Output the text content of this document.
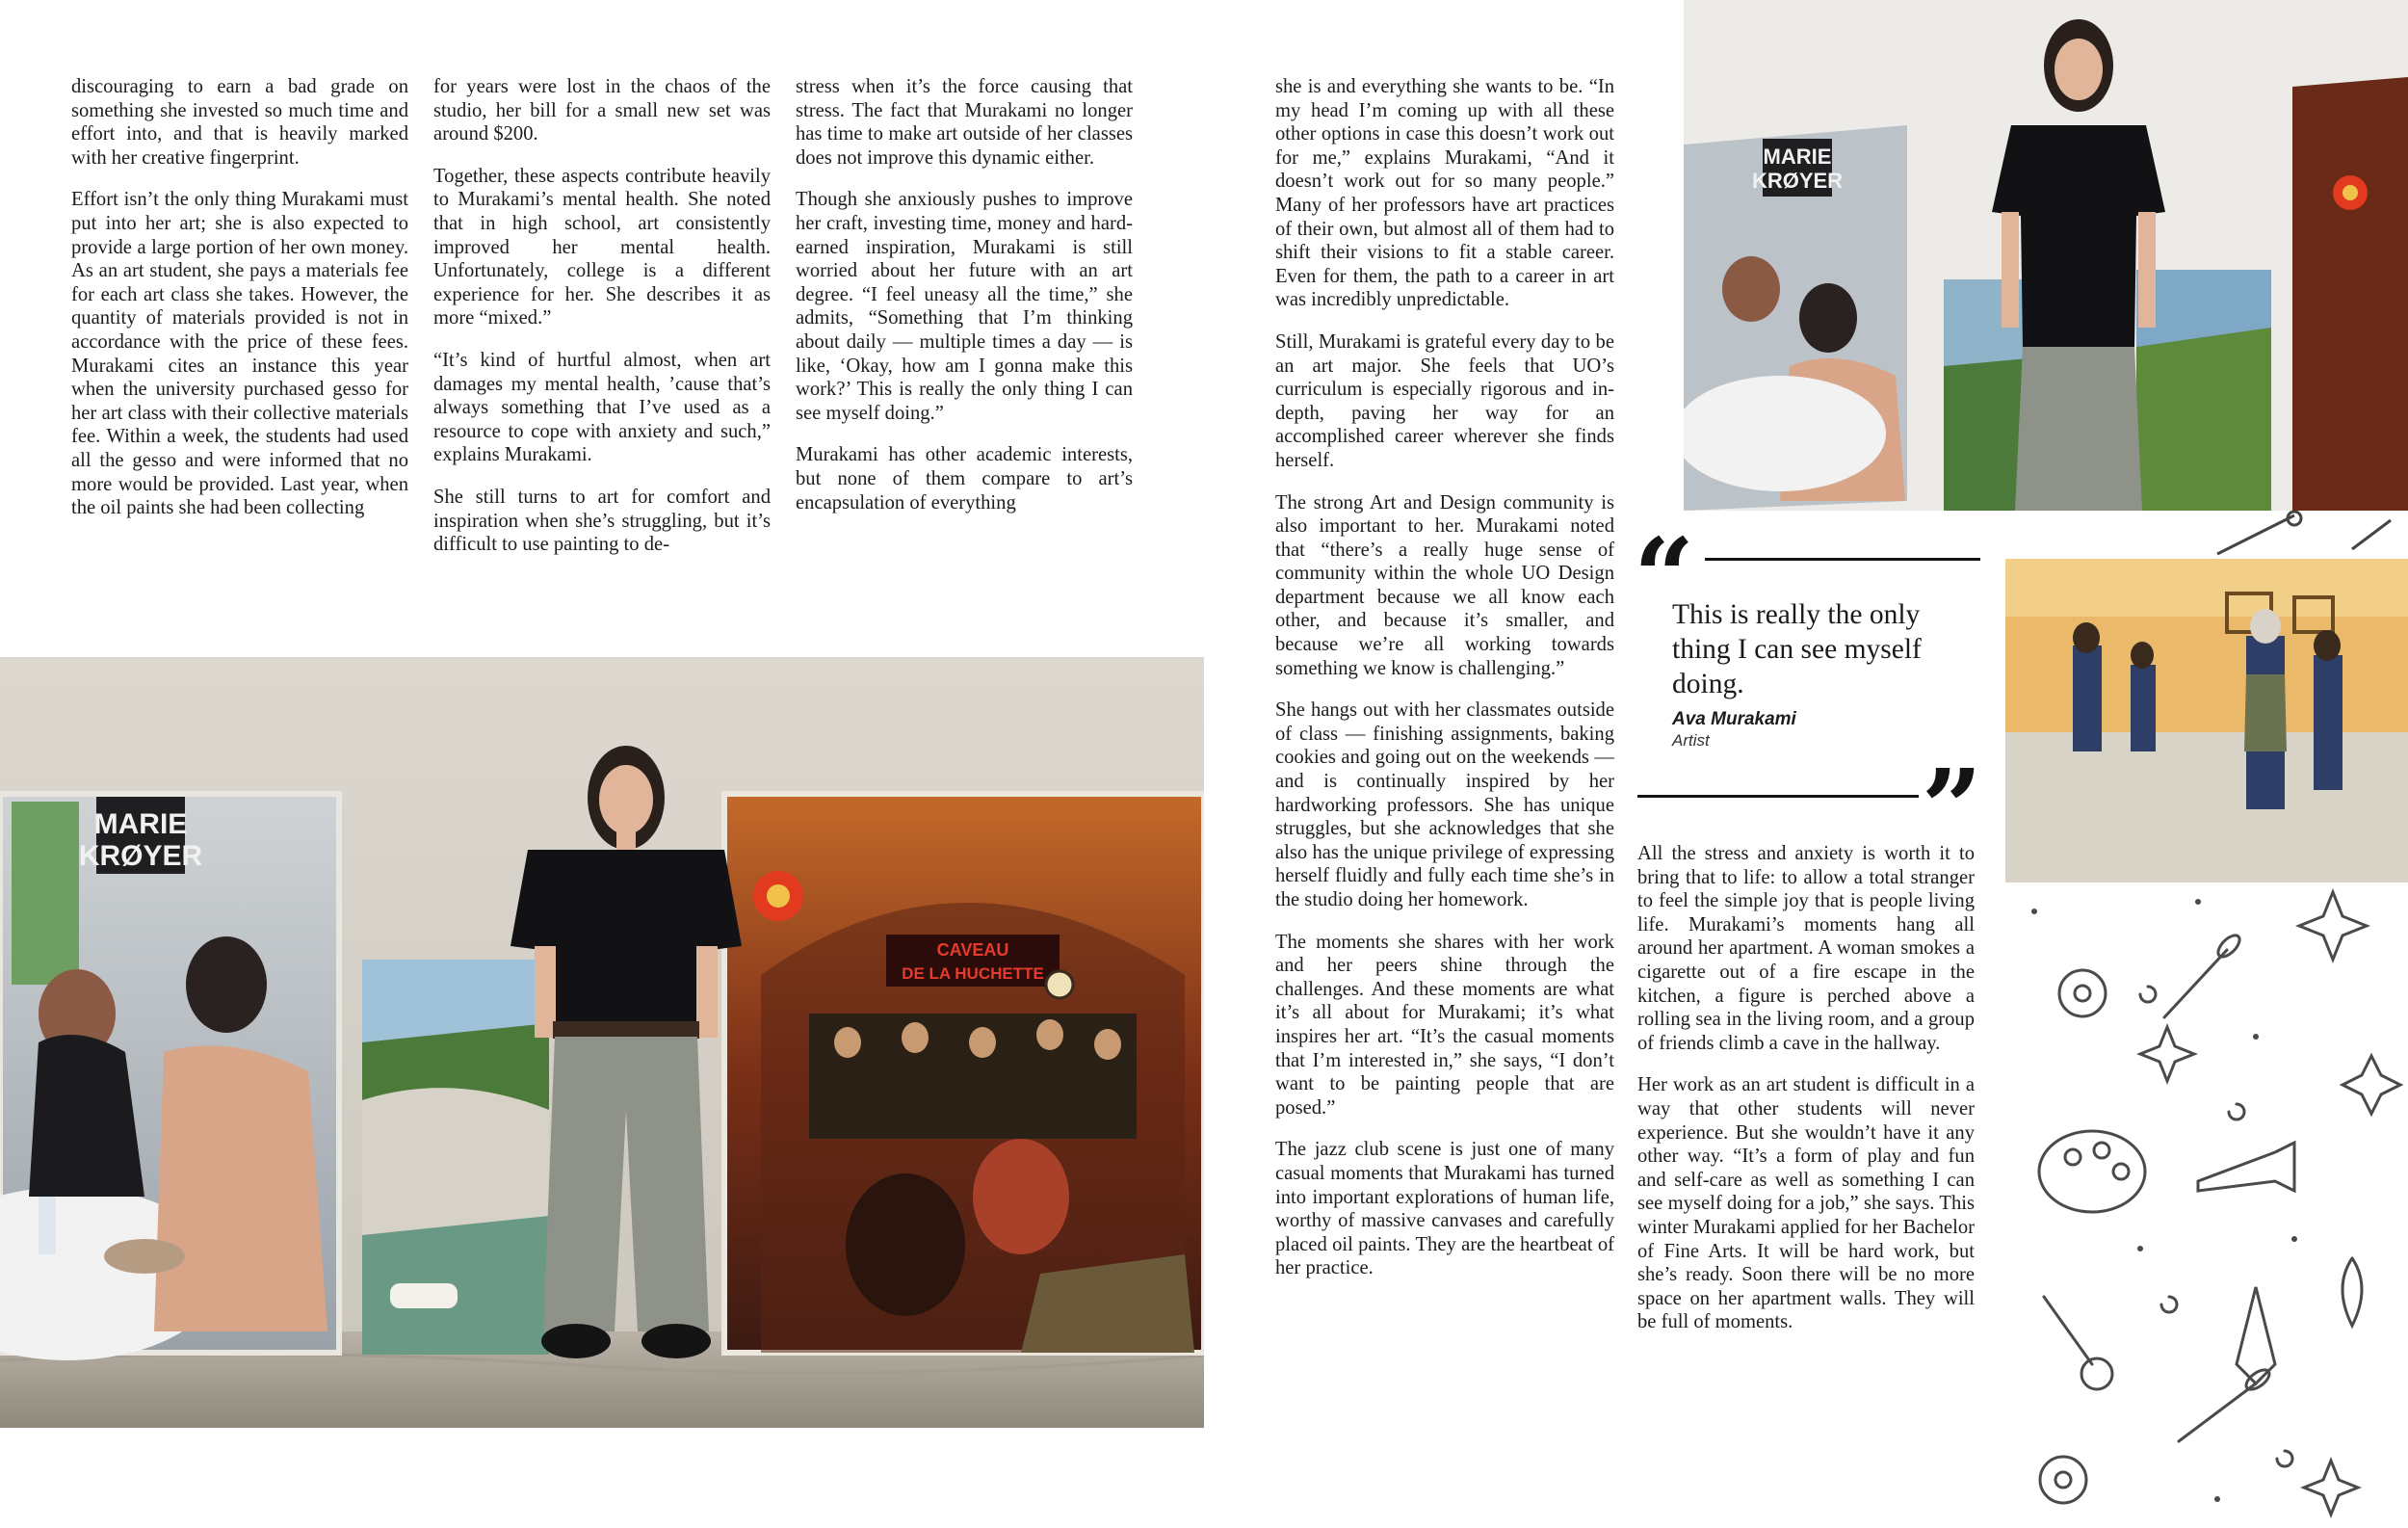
discouraging to earn a bad grade on something she invested so much time and effort into, and that is heavily marked with her creative fingerprint.

Effort isn’t the only thing Murakami must put into her art; she is also expected to provide a large portion of her own money. As an art student, she pays a materials fee for each art class she takes. However, the quantity of materials provided is not in accordance with the price of these fees. Murakami cites an instance this year when the university purchased gesso for her art class with their collective materials fee. Within a week, the students had used all the gesso and were informed that no more would be provided. Last year, when the oil paints she had been collecting

for years were lost in the chaos of the studio, her bill for a small new set was around $200.

Together, these aspects contribute heavily to Murakami’s mental health. She noted that in high school, art consistently improved her mental health. Unfortunately, college is a different experience for her. She describes it as more “mixed.”

“It’s kind of hurtful almost, when art damages my mental health, ’cause that’s always something that I’ve used as a resource to cope with anxiety and such,” explains Murakami.

She still turns to art for comfort and inspiration when she’s struggling, but it’s difficult to use painting to de-

stress when it’s the force causing that stress. The fact that Murakami no longer has time to make art outside of her classes does not improve this dynamic either.

Though she anxiously pushes to improve her craft, investing time, money and hard-earned inspiration, Murakami is still worried about her future with an art degree. “I feel uneasy all the time,” she admits, “Something that I’m thinking about daily — multiple times a day — is like, ‘Okay, how am I gonna make this work?’ This is really the only thing I can see myself doing.”

Murakami has other academic interests, but none of them compare to art’s encapsulation of everything

she is and everything she wants to be. “In my head I’m coming up with all these other options in case this doesn’t work out for me,” explains Murakami, “And it doesn’t work out for so many people.” Many of her professors have art practices of their own, but almost all of them had to shift their visions to fit a stable career. Even for them, the path to a career in art was incredibly unpredictable.

Still, Murakami is grateful every day to be an art major. She feels that UO’s curriculum is especially rigorous and in-depth, paving her way for an accomplished career wherever she finds herself.

The strong Art and Design community is also important to her. Murakami noted that “there’s a really huge sense of community within the whole UO Design department because we all know each other, and because it’s smaller, and because we’re all working towards something we know is challenging.”

She hangs out with her classmates outside of class — finishing assignments, baking cookies and going out on the weekends — and is continually inspired by her hardworking professors. She has unique struggles, but she acknowledges that she also has the unique privilege of expressing herself fluidly and fully each time she’s in the studio doing her homework.

The moments she shares with her work and her peers shine through the challenges. And these moments are what it’s all about for Murakami; it’s what inspires her art. “It’s the casual moments that I’m interested in,” she says, “I don’t want to be painting people that are posed.”

The jazz club scene is just one of many casual moments that Murakami has turned into important explorations of human life, worthy of massive canvases and carefully placed oil paints. They are the heartbeat of her practice.

All the stress and anxiety is worth it to bring that to life: to allow a total stranger to feel the simple joy that is people living life. Murakami’s moments hang all around her apartment. A woman smokes a cigarette out of a fire escape in the kitchen, a figure is perched above a rolling sea in the living room, and a group of friends climb a cave in the hallway.

Her work as an art student is difficult in a way that other students will never experience. But she wouldn’t have it any other way. “It’s a form of play and fun and self-care as well as something I can see myself doing for a job,” she says. This winter Murakami applied for her Bachelor of Fine Arts. It will be hard work, but she’s ready. Soon there will be no more space on her apartment walls. They will be full of moments.

“
This is really the only thing I can see myself doing.
Ava Murakami
Artist
”
MARIE
KRØYER
CAVEAU
DE LA HUCHETTE
MARIE
KRØYER
